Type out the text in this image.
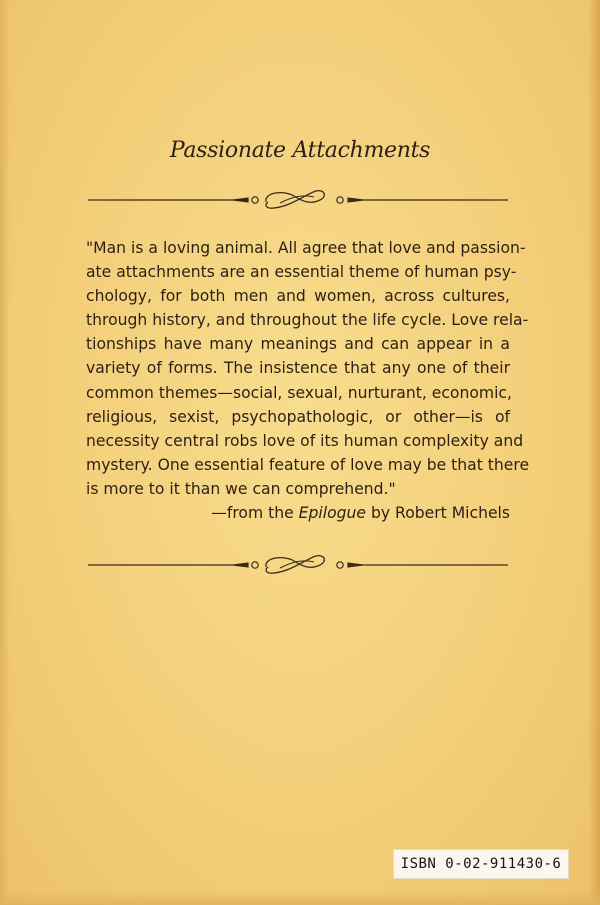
Passionate Attachments
"Man is a loving animal. All agree that love and passion-
ate attachments are an essential theme of human psy-
chology, for both men and women, across cultures,
through history, and throughout the life cycle. Love rela-
tionships have many meanings and can appear in a
variety of forms. The insistence that any one of their
common themes—social, sexual, nurturant, economic,
religious, sexist, psychopathologic, or other—is of
necessity central robs love of its human complexity and
mystery. One essential feature of love may be that there
is more to it than we can comprehend."
—from the Epilogue by Robert Michels
ISBN 0-02-911430-6
